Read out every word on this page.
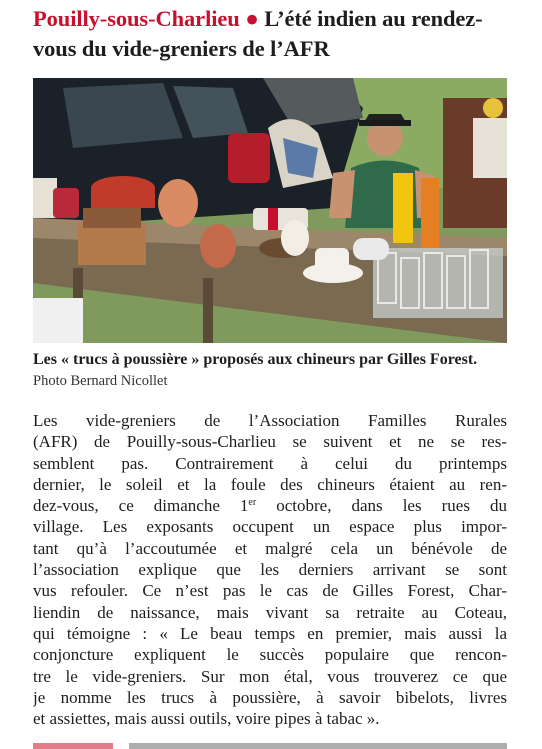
Pouilly-sous-Charlieu ● L’été indien au rendez-
vous du vide-greniers de l’AFR
Les « trucs à poussière » proposés aux chineurs par Gilles Forest. Photo Bernard Nicollet

Les vide-greniers de l’Association Familles Rurales

(AFR) de Pouilly-sous-Charlieu se suivent et ne se res-

semblent pas. Contrairement à celui du printemps

dernier, le soleil et la foule des chineurs étaient au ren-

dez-vous, ce dimanche 1er octobre, dans les rues du

village. Les exposants occupent un espace plus impor-

tant qu’à l’accoutumée et malgré cela un bénévole de

l’association explique que les derniers arrivant se sont

vus refouler. Ce n’est pas le cas de Gilles Forest, Char-

liendin de naissance, mais vivant sa retraite au Coteau,

qui témoigne : « Le beau temps en premier, mais aussi la

conjoncture expliquent le succès populaire que rencon-

tre le vide-greniers. Sur mon étal, vous trouverez ce que

je nomme les trucs à poussière, à savoir bibelots, livres

et assiettes, mais aussi outils, voire pipes à tabac ».
